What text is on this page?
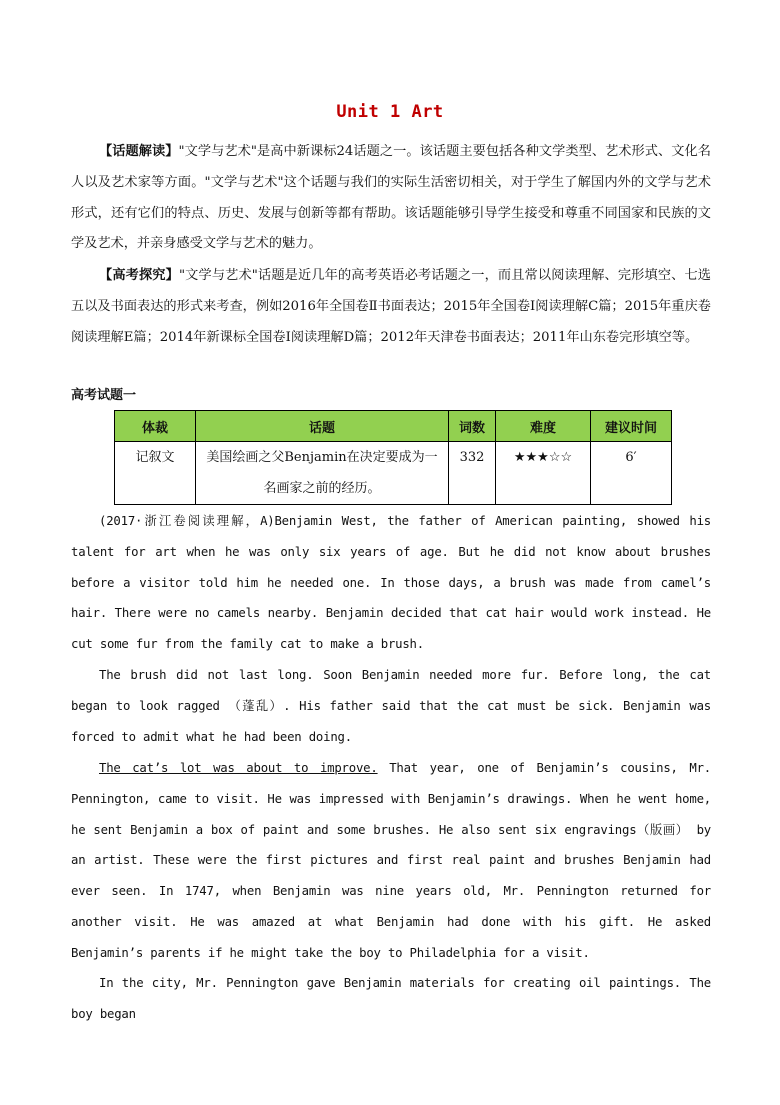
Unit 1 Art
【话题解读】"文学与艺术"是高中新课标24话题之一。该话题主要包括各种文学类型、艺术形式、文化名人以及艺术家等方面。"文学与艺术"这个话题与我们的实际生活密切相关，对于学生了解国内外的文学与艺术形式，还有它们的特点、历史、发展与创新等都有帮助。该话题能够引导学生接受和尊重不同国家和民族的文学及艺术，并亲身感受文学与艺术的魅力。
【高考探究】"文学与艺术"话题是近几年的高考英语必考话题之一，而且常以阅读理解、完形填空、七选五以及书面表达的形式来考查，例如2016年全国卷Ⅱ书面表达；2015年全国卷Ⅰ阅读理解C篇；2015年重庆卷阅读理解E篇；2014年新课标全国卷Ⅰ阅读理解D篇；2012年天津卷书面表达；2011年山东卷完形填空等。
高考试题一
体裁	话题	词数	难度	建议时间

记叙文	美国绘画之父Benjamin在决定要成为一名画家之前的经历。	332	★★★☆☆	6′
(2017·浙江卷阅读理解，A)Benjamin West, the father of American painting, showed his talent for art when he was only six years of age. But he did not know about brushes before a visitor told him he needed one. In those days, a brush was made from camel’s hair. There were no camels nearby. Benjamin decided that cat hair would work instead. He cut some fur from the family cat to make a brush.
The brush did not last long. Soon Benjamin needed more fur. Before long, the cat began to look ragged （蓬乱）. His father said that the cat must be sick. Benjamin was forced to admit what he had been doing.
The cat’s lot was about to improve. That year, one of Benjamin’s cousins, Mr. Pennington, came to visit. He was impressed with Benjamin’s drawings. When he went home, he sent Benjamin a box of paint and some brushes. He also sent six engravings（版画） by an artist. These were the first pictures and first real paint and brushes Benjamin had ever seen. In 1747, when Benjamin was nine years old, Mr. Pennington returned for another visit. He was amazed at what Benjamin had done with his gift. He asked Benjamin’s parents if he might take the boy to Philadelphia for a visit.
In the city, Mr. Pennington gave Benjamin materials for creating oil paintings. The boy began
